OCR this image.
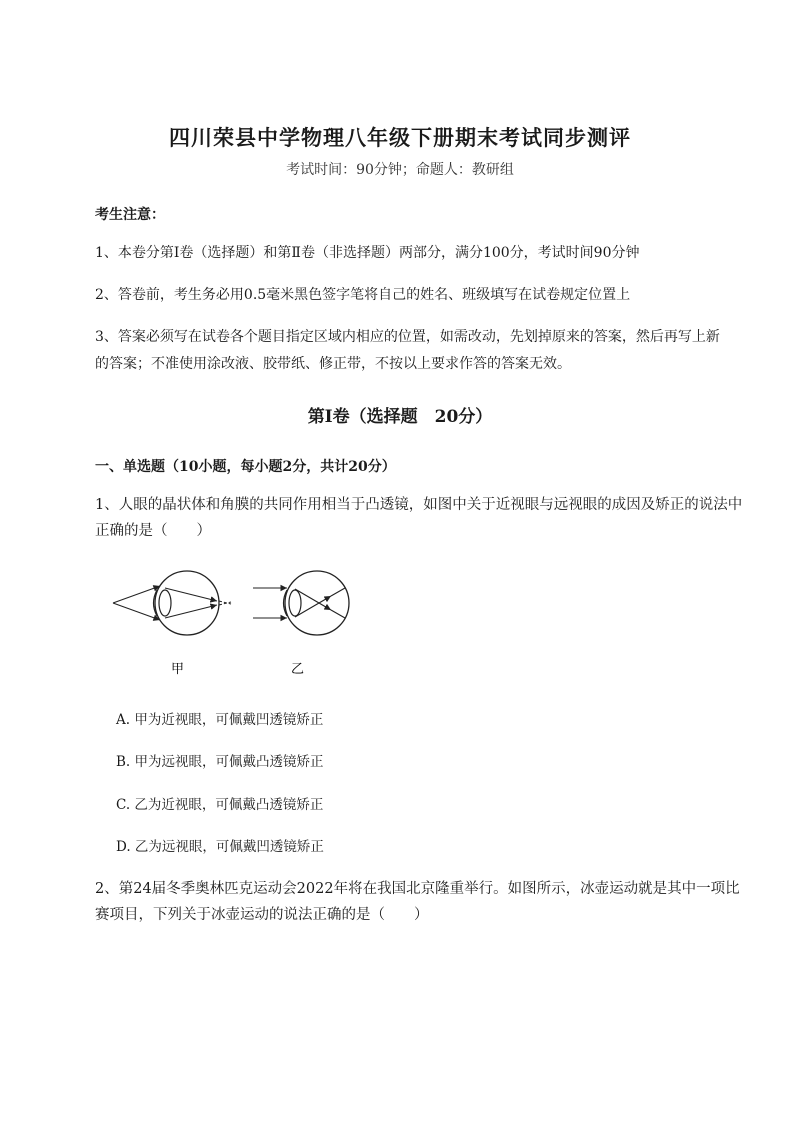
四川荣县中学物理八年级下册期末考试同步测评
考试时间：90分钟；命题人：教研组
考生注意：
1、本卷分第I卷（选择题）和第Ⅱ卷（非选择题）两部分，满分100分，考试时间90分钟
2、答卷前，考生务必用0.5毫米黑色签字笔将自己的姓名、班级填写在试卷规定位置上
3、答案必须写在试卷各个题目指定区域内相应的位置，如需改动，先划掉原来的答案，然后再写上新
的答案；不准使用涂改液、胶带纸、修正带，不按以上要求作答的答案无效。
第I卷（选择题　20分）
一、单选题（10小题，每小题2分，共计20分）
1、人眼的晶状体和角膜的共同作用相当于凸透镜，如图中关于近视眼与远视眼的成因及矫正的说法中
正确的是（　　）
甲	乙
A. 甲为近视眼，可佩戴凹透镜矫正
B. 甲为远视眼，可佩戴凸透镜矫正
C. 乙为近视眼，可佩戴凸透镜矫正
D. 乙为远视眼，可佩戴凹透镜矫正
2、第24届冬季奥林匹克运动会2022年将在我国北京隆重举行。如图所示，冰壶运动就是其中一项比
赛项目，下列关于冰壶运动的说法正确的是（　　）
